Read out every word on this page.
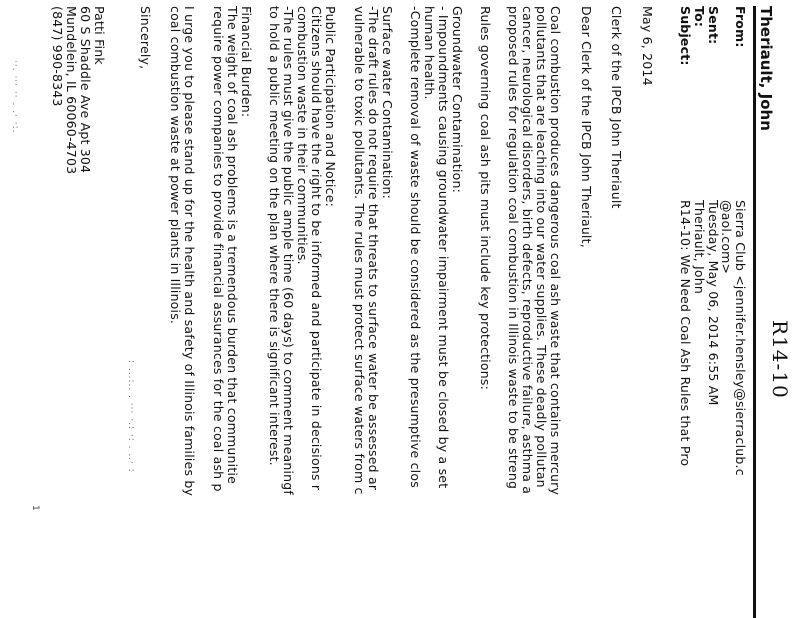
R14-10
Theriault, John
From:
Sierra Club <jennifer.hensley@sierraclub.c
@aol.com>
Sent:
Tuesday, May 06, 2014 6:55 AM
To:
Theriault, John
Subject:
R14-10: We Need Coal Ash Rules that Pro
May 6, 2014
Clerk of the IPCB John Theriault
Dear Clerk of the IPCB John Theriault,
Coal combustion produces dangerous coal ash waste that contains mercury
pollutants that are leaching into our water supplies. These deadly pollutan
cancer, neurological disorders, birth defects, reproductive failure, asthma a
proposed rules for regulation coal combustion in Illinois waste to be streng
Rules governing coal ash pits must include key protections:
Groundwater Contamination:
- Impoundments causing groundwater impairment must be closed by a set
human health.
-Complete removal of waste should be considered as the presumptive clos
Surface water Contamination:
-The draft rules do not require that threats to surface water be assessed ar
vulnerable to toxic pollutants. The rules must protect surface waters from c
Public Participation and Notice:
Citizens should have the right to be informed and participate in decisions r
combustion waste in their communities.
-The rules must give the public ample time (60 days) to comment meaningf
to hold a public meeting on the plan where there is significant interest.
Financial Burden:
The weight of coal ash problems is a tremendous burden that communitie
require power companies to provide financial assurances for the coal ash p
I urge you to please stand up for the health and safety of Illinois families by
coal combustion waste at power plants in Illinois.
Sincerely,
Patti Fink
60 S Shaddle Ave Apt 304
Mundelein, IL 60060-4703
(847) 990-8343
: ...:.. . ··· ·.: ·: . ..· :
··. ··· ·· . .· ·:.
1
